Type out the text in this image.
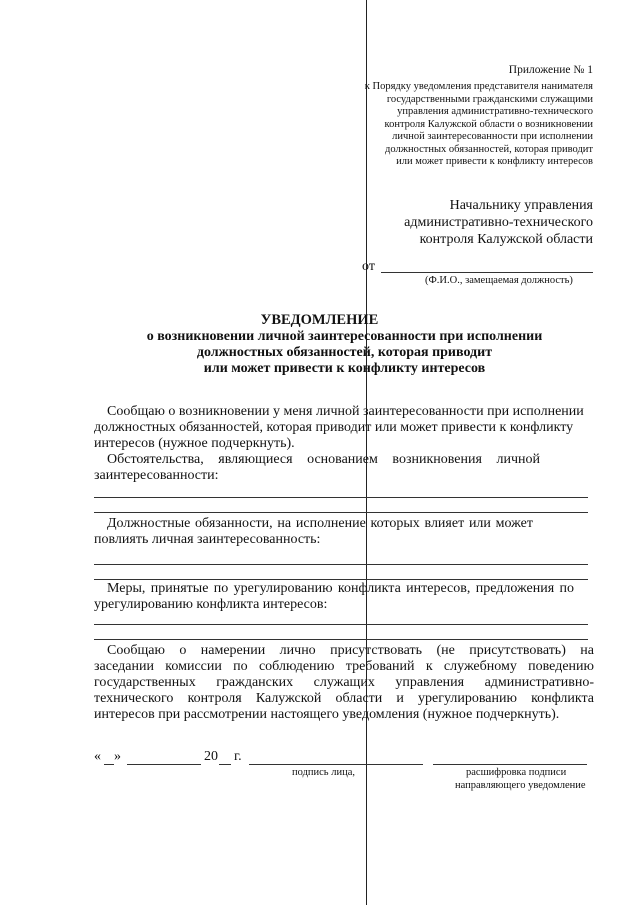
Приложение № 1
к Порядку уведомления представителя нанимателя
государственными гражданскими служащими
управления административно-технического
контроля Калужской области о возникновении
личной заинтересованности при исполнении
должностных обязанностей, которая приводит
или может привести к конфликту интересов
Начальнику управления
административно-технического
контроля Калужской области
от
(Ф.И.О., замещаемая должность)
УВЕДОМЛЕНИЕ
о возникновении личной заинтересованности при исполнении
должностных обязанностей, которая приводит
или может привести к конфликту интересов
Сообщаю о возникновении у меня личной заинтересованности при исполнении
должностных обязанностей, которая приводит или может привести к конфликту
интересов (нужное подчеркнуть).
Обстоятельства, являющиеся основанием возникновения личной
заинтересованности:
Должностные обязанности, на исполнение которых влияет или может
повлиять личная заинтересованность:
Меры, принятые по урегулированию конфликта интересов, предложения по
урегулированию конфликта интересов:
Сообщаю о намерении лично присутствовать (не присутствовать) на
заседании комиссии по соблюдению требований к служебному поведению
государственных гражданских служащих управления административно-
технического контроля Калужской области и урегулированию конфликта
интересов при рассмотрении настоящего уведомления (нужное подчеркнуть).
« »	20 г.
подпись лица,	расшифровка подписи
направляющего уведомление
